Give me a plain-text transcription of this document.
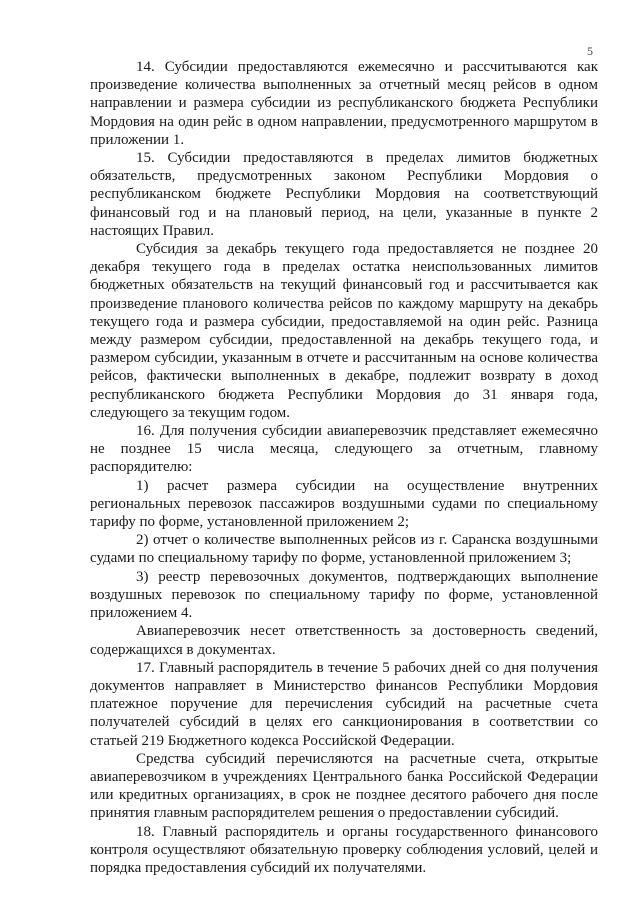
5

14. Субсидии предоставляются ежемесячно и рассчитываются как произведение количества выполненных за отчетный месяц рейсов в одном направлении и размера субсидии из республиканского бюджета Республики Мордовия на один рейс в одном направлении, предусмотренного маршрутом в приложении 1.

15. Субсидии предоставляются в пределах лимитов бюджетных обязательств, предусмотренных законом Республики Мордовия о республиканском бюджете Республики Мордовия на соответствующий финансовый год и на плановый период, на цели, указанные в пункте 2 настоящих Правил.

Субсидия за декабрь текущего года предоставляется не позднее 20 декабря текущего года в пределах остатка неиспользованных лимитов бюджетных обязательств на текущий финансовый год и рассчитывается как произведение планового количества рейсов по каждому маршруту на декабрь текущего года и размера субсидии, предоставляемой на один рейс. Разница между размером субсидии, предоставленной на декабрь текущего года, и размером субсидии, указанным в отчете и рассчитанным на основе количества рейсов, фактически выполненных в декабре, подлежит возврату в доход республиканского бюджета Республики Мордовия до 31 января года, следующего за текущим годом.

16. Для получения субсидии авиаперевозчик представляет ежемесячно не позднее 15 числа месяца, следующего за отчетным, главному распорядителю:

1) расчет размера субсидии на осуществление внутренних региональных перевозок пассажиров воздушными судами по специальному тарифу по форме, установленной приложением 2;

2) отчет о количестве выполненных рейсов из г. Саранска воздушными судами по специальному тарифу по форме, установленной приложением 3;

3) реестр перевозочных документов, подтверждающих выполнение воздушных перевозок по специальному тарифу по форме, установленной приложением 4.

Авиаперевозчик несет ответственность за достоверность сведений, содержащихся в документах.

17. Главный распорядитель в течение 5 рабочих дней со дня получения документов направляет в Министерство финансов Республики Мордовия платежное поручение для перечисления субсидий на расчетные счета получателей субсидий в целях его санкционирования в соответствии со статьей 219 Бюджетного кодекса Российской Федерации.

Средства субсидий перечисляются на расчетные счета, открытые авиаперевозчиком в учреждениях Центрального банка Российской Федерации или кредитных организациях, в срок не позднее десятого рабочего дня после принятия главным распорядителем решения о предоставлении субсидий.

18. Главный распорядитель и органы государственного финансового контроля осуществляют обязательную проверку соблюдения условий, целей и порядка предоставления субсидий их получателями.
